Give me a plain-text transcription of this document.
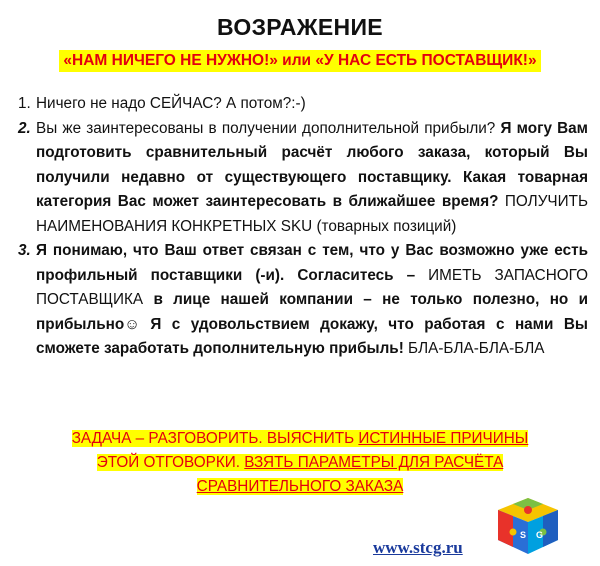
ВОЗРАЖЕНИЕ
«НАМ НИЧЕГО НЕ НУЖНО!» или «У НАС ЕСТЬ ПОСТАВЩИК!»
1. Ничего не надо СЕЙЧАС? А потом?:-)
2. Вы же заинтересованы в получении дополнительной прибыли? Я могу Вам подготовить сравнительный расчёт любого заказа, который Вы получили недавно от существующего поставщику. Какая товарная категория Вас может заинтересовать в ближайшее время? ПОЛУЧИТЬ НАИМЕНОВАНИЯ КОНКРЕТНЫХ SKU (товарных позиций)
3. Я понимаю, что Ваш ответ связан с тем, что у Вас возможно уже есть профильный поставщики (-и). Согласитесь – ИМЕТЬ ЗАПАСНОГО ПОСТАВЩИКА в лице нашей компании – не только полезно, но и прибыльно☺ Я с удовольствием докажу, что работая с нами Вы сможете заработать дополнительную прибыль! БЛА-БЛА-БЛА-БЛА
ЗАДАЧА – РАЗГОВОРИТЬ. ВЫЯСНИТЬ ИСТИННЫЕ ПРИЧИНЫ
ЭТОЙ ОТГОВОРКИ. ВЗЯТЬ ПАРАМЕТРЫ ДЛЯ РАСЧЁТА
СРАВНИТЕЛЬНОГО ЗАКАЗА
www.stcg.ru
S G
